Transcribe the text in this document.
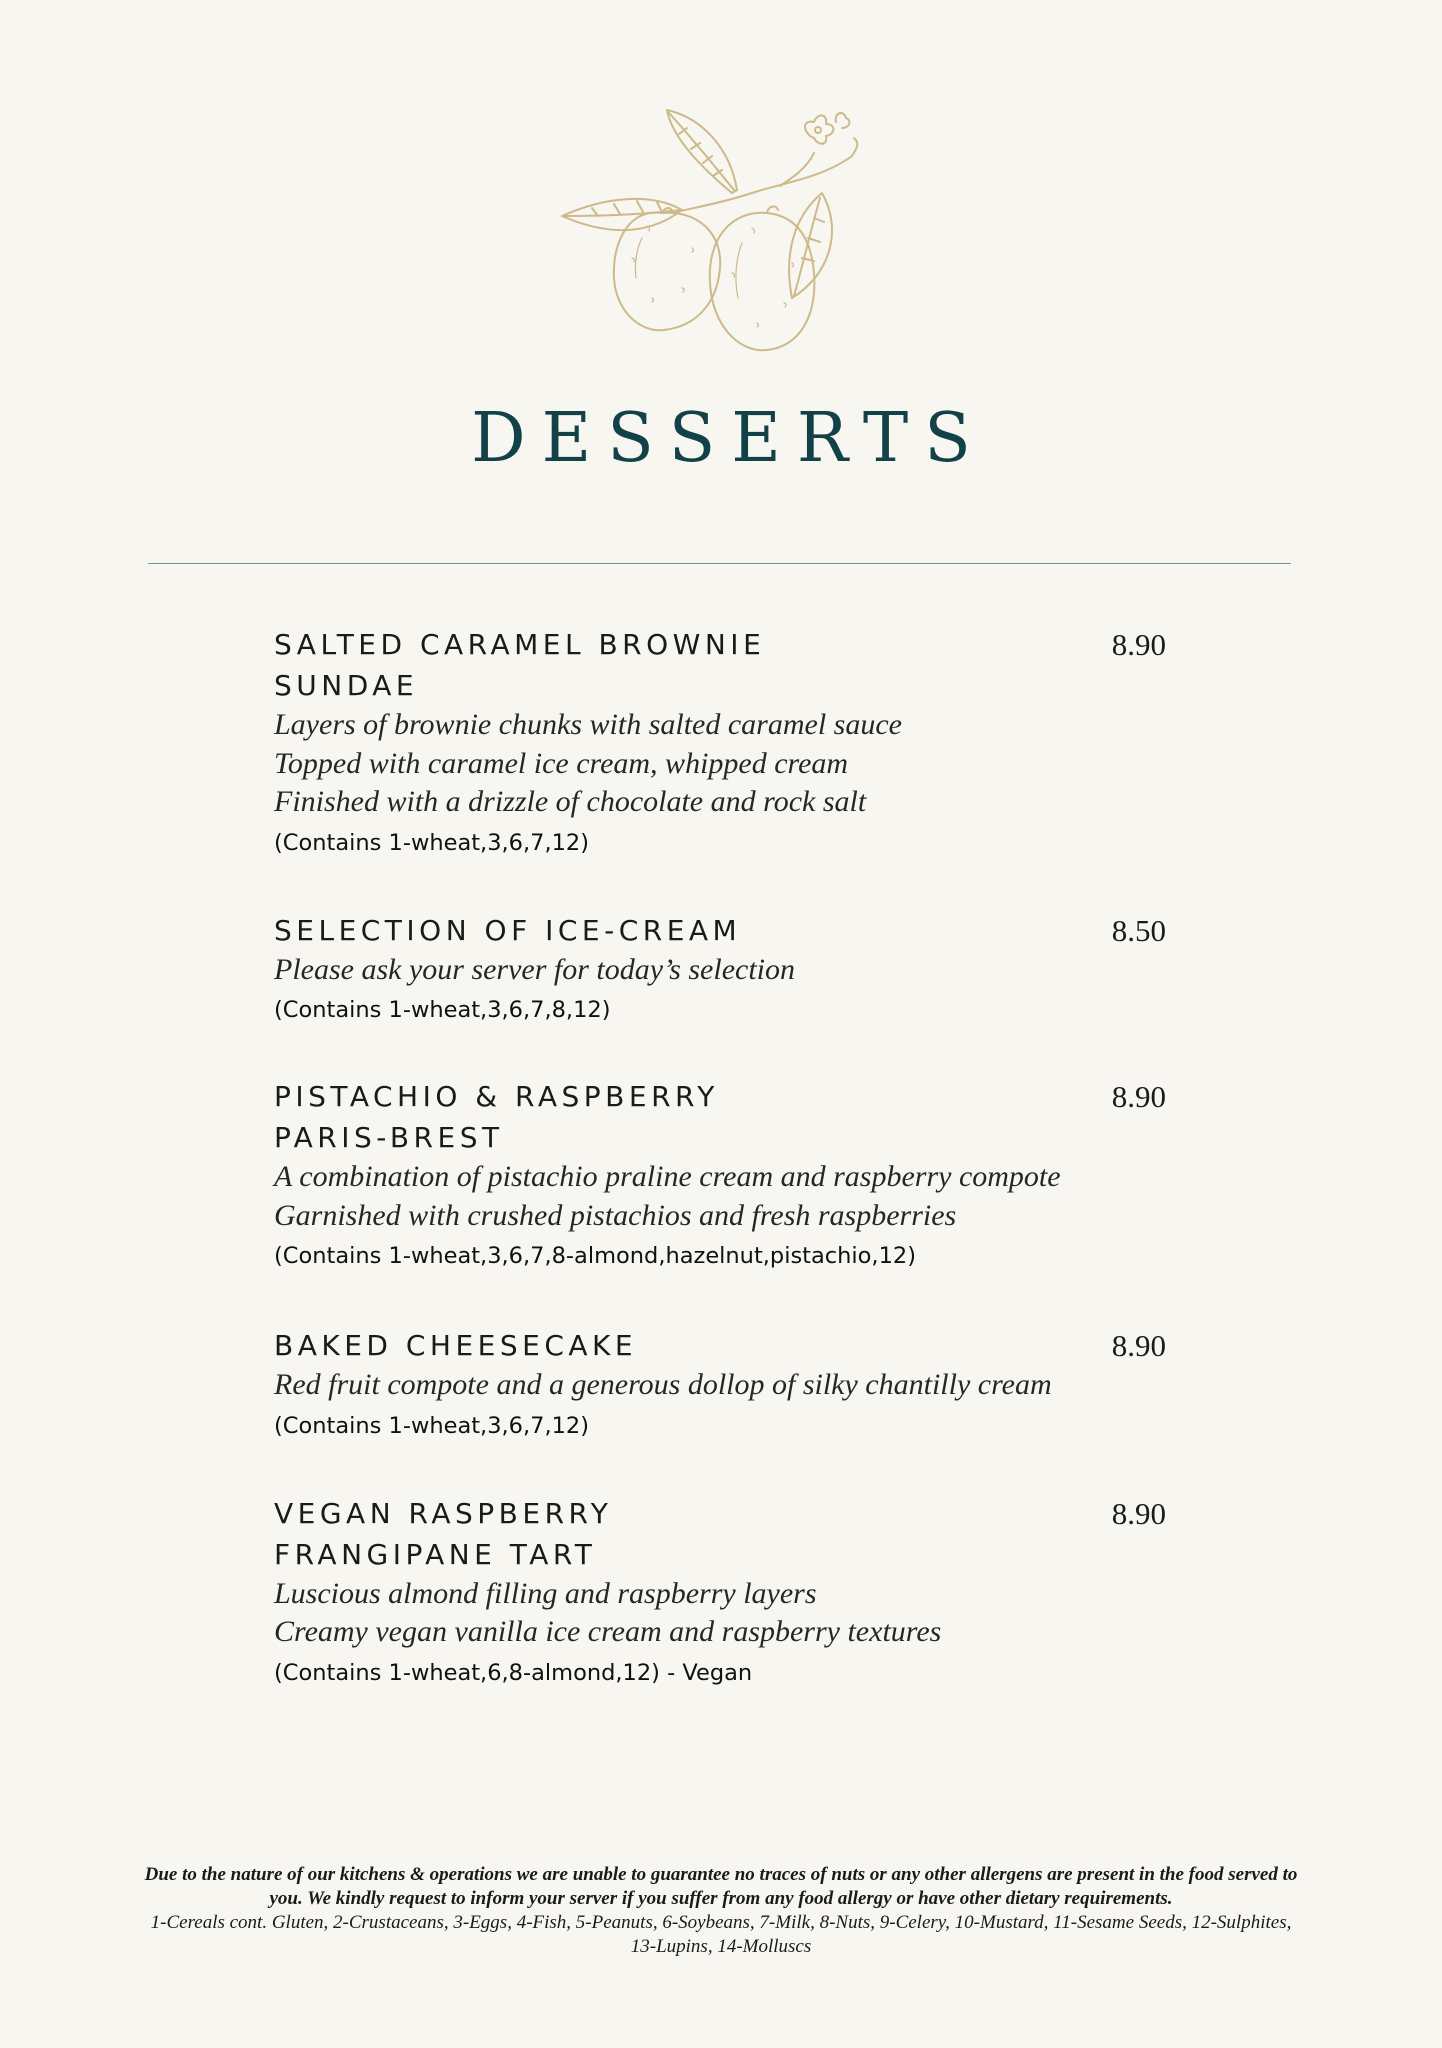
DESSERTS
SALTED CARAMEL BROWNIE SUNDAE
8.90
Layers of brownie chunks with salted caramel sauce
Topped with caramel ice cream, whipped cream
Finished with a drizzle of chocolate and rock salt
(Contains 1-wheat,3,6,7,12)
SELECTION OF ICE-CREAM	8.50
Please ask your server for today’s selection
(Contains 1-wheat,3,6,7,8,12)
PISTACHIO & RASPBERRY PARIS-BREST
8.90
A combination of pistachio praline cream and raspberry compote
Garnished with crushed pistachios and fresh raspberries
(Contains 1-wheat,3,6,7,8-almond,hazelnut,pistachio,12)
BAKED CHEESECAKE	8.90
Red fruit compote and a generous dollop of silky chantilly cream
(Contains 1-wheat,3,6,7,12)
VEGAN RASPBERRY FRANGIPANE TART
8.90
Luscious almond filling and raspberry layers
Creamy vegan vanilla ice cream and raspberry textures
(Contains 1-wheat,6,8-almond,12) - Vegan
Due to the nature of our kitchens & operations we are unable to guarantee no traces of nuts or any other allergens are present in the food served to you. We kindly request to inform your server if you suffer from any food allergy or have other dietary requirements.
1-Cereals cont. Gluten, 2-Crustaceans, 3-Eggs, 4-Fish, 5-Peanuts, 6-Soybeans, 7-Milk, 8-Nuts, 9-Celery, 10-Mustard, 11-Sesame Seeds, 12-Sulphites, 13-Lupins, 14-Molluscs
